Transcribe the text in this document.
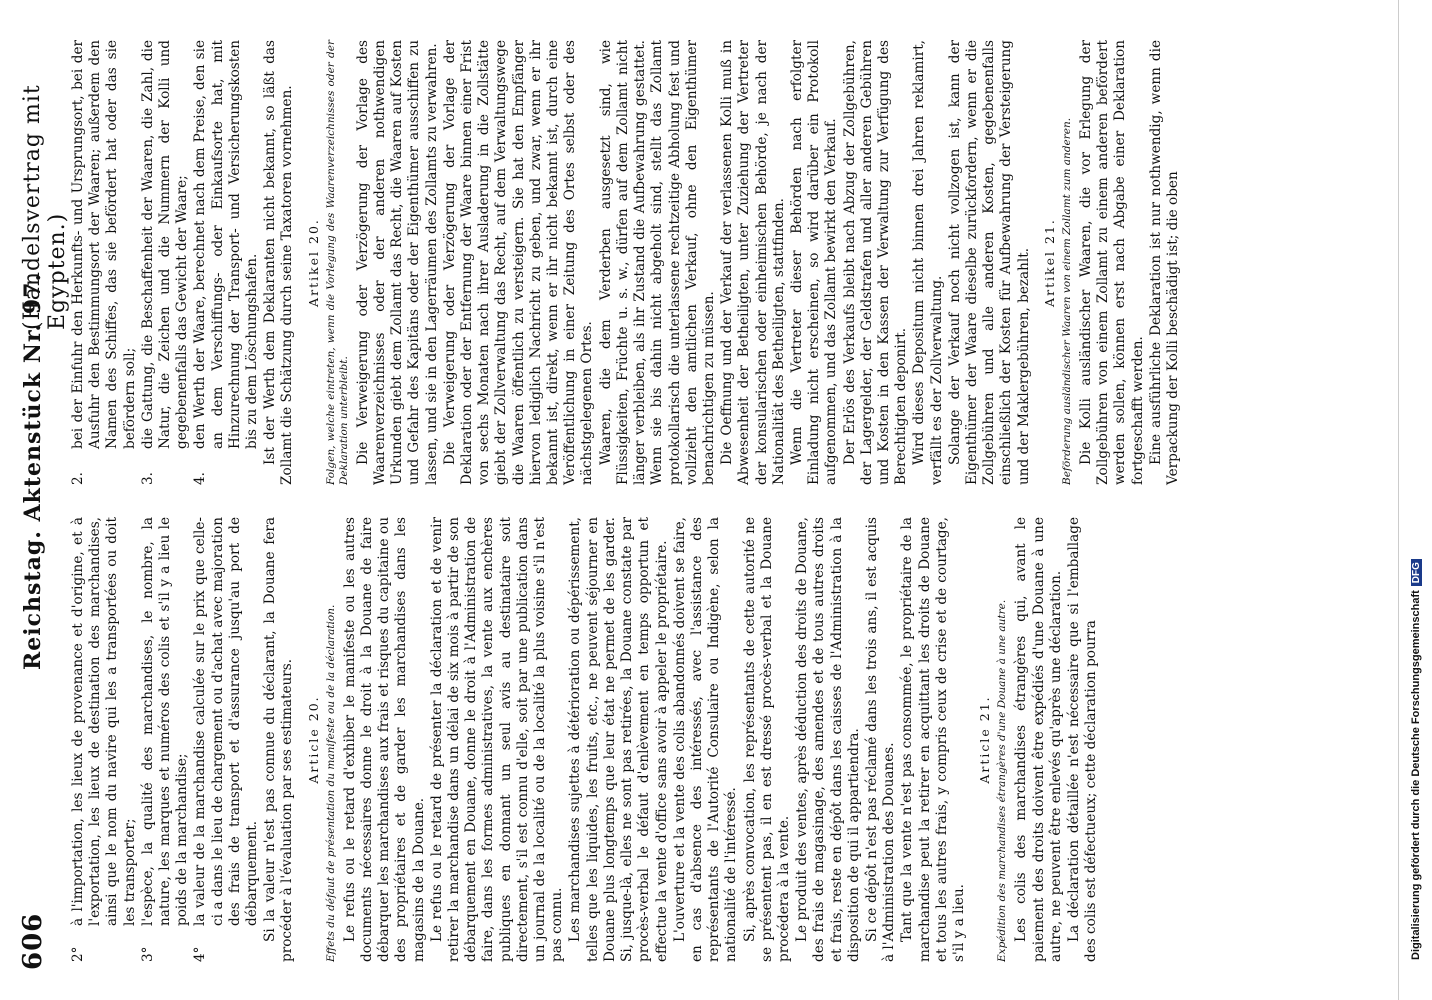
606
Reichstag. Aktenstück Nr. 97.
(Handelsvertrag mit Egypten.)

2°
à l'importation, les lieux de provenance et d'origine, et à l'exportation, les lieux de destination des marchandises, ainsi que le nom du navire qui les a transportées ou doit les transporter;

3°
l'espèce, la qualité des marchandises, le nombre, la nature, les marques et numéros des colis et s'il y a lieu le poids de la marchandise;

4°
la valeur de la marchandise calculée sur le prix que celle-ci a dans le lieu de chargement ou d'achat avec majoration des frais de transport et d'assurance jusqu'au port de débarquement. Si la valeur n'est pas connue du déclarant, la Douane fera procéder à l'évaluation par ses estimateurs. Article 20. Effets du défaut de présentation du manifeste ou de la déclaration. Le refus ou le retard d'exhiber le manifeste ou les autres documents nécessaires donne le droit à la Douane de faire débarquer les marchandises aux frais et risques du capitaine ou des propriétaires et de garder les marchandises dans les magasins de la Douane. Le refus ou le retard de présenter la déclaration et de venir retirer la marchandise dans un délai de six mois à partir de son débarquement en Douane, donne le droit à l'Administration de faire, dans les formes administratives, la vente aux enchères publiques en donnant un seul avis au destinataire soit directement, s'il est connu d'elle, soit par une publication dans un journal de la localité ou de la localité la plus voisine s'il n'est pas connu. Les marchandises sujettes à détérioration ou dépérissement, telles que les liquides, les fruits, etc., ne peuvent séjourner en Douane plus longtemps que leur état ne permet de les garder. Si, jusque-là, elles ne sont pas retirées, la Douane constate par procès-verbal le défaut d'enlèvement en temps opportun et effectue la vente d'office sans avoir à appeler le propriétaire. L'ouverture et la vente des colis abandonnés doivent se faire, en cas d'absence des intéressés, avec l'assistance des représentants de l'Autorité Consulaire ou Indigène, selon la nationalité de l'intéressé. Si, après convocation, les représentants de cette autorité ne se présentent pas, il en est dressé procès-verbal et la Douane procédera à la vente. Le produit des ventes, après déduction des droits de Douane, des frais de magasinage, des amendes et de tous autres droits et frais, reste en dépôt dans les caisses de l'Administration à la disposition de qui il appartiendra. Si ce dépôt n'est pas réclamé dans les trois ans, il est acquis à l'Administration des Douanes. Tant que la vente n'est pas consommée, le propriétaire de la marchandise peut la retirer en acquittant les droits de Douane et tous les autres frais, y compris ceux de crise et de courtage, s'il y a lieu.

Article 21. Expédition des marchandises étrangères d'une Douane à une autre. Les colis des marchandises étrangères qui, avant le paiement des droits doivent être expédiés d'une Douane à une autre, ne peuvent être enlevés qu'après une déclaration. La déclaration détaillée n'est nécessaire que si l'emballage des colis est défectueux; cette déclaration pourra

2.
bei der Einfuhr den Herkunfts- und Ursprungsort, bei der Ausfuhr den Bestimmungsort der Waaren; außerdem den Namen des Schiffes, das sie befördert hat oder das sie befördern soll;

3.
die Gattung, die Beschaffenheit der Waaren, die Zahl, die Natur, die Zeichen und die Nummern der Kolli und gegebenenfalls das Gewicht der Waare;

4.
den Werth der Waare, berechnet nach dem Preise, den sie an dem Verschiffungs- oder Einkaufsorte hat, mit Hinzurechnung der Transport- und Versicherungskosten bis zu dem Löschungshafen. Ist der Werth dem Deklaranten nicht bekannt, so läßt das Zollamt die Schätzung durch seine Taxatoren vornehmen. Artikel 20. Folgen, welche eintreten, wenn die Vorlegung des Waarenverzeichnisses oder der Deklaration unterbleibt. Die Verweigerung oder Verzögerung der Vorlage des Waarenverzeichnisses oder der anderen nothwendigen Urkunden giebt dem Zollamt das Recht, die Waaren auf Kosten und Gefahr des Kapitäns oder der Eigenthümer ausschiffen zu lassen, und sie in den Lagerräumen des Zollamts zu verwahren. Die Verweigerung oder Verzögerung der Vorlage der Deklaration oder der Entfernung der Waare binnen einer Frist von sechs Monaten nach ihrer Ausladerung in die Zollstätte giebt der Zollverwaltung das Recht, auf dem Verwaltungswege die Waaren öffentlich zu versteigern. Sie hat den Empfänger hiervon lediglich Nachricht zu geben, und zwar, wenn er ihr bekannt ist, direkt, wenn er ihr nicht bekannt ist, durch eine Veröffentlichung in einer Zeitung des Ortes selbst oder des nächstgelegenen Ortes. Waaren, die dem Verderben ausgesetzt sind, wie Flüssigkeiten, Früchte u. s. w., dürfen auf dem Zollamt nicht länger verbleiben, als ihr Zustand die Aufbewahrung gestattet. Wenn sie bis dahin nicht abgeholt sind, stellt das Zollamt protokollarisch die unterlassene rechtzeitige Abholung fest und vollzieht den amtlichen Verkauf, ohne den Eigenthümer benachrichtigen zu müssen. Die Oeffnung und der Verkauf der verlassenen Kolli muß in Abwesenheit der Betheiligten, unter Zuziehung der Vertreter der konsularischen oder einheimischen Behörde, je nach der Nationalität des Betheiligten, stattfinden. Wenn die Vertreter dieser Behörden nach erfolgter Einladung nicht erscheinen, so wird darüber ein Protokoll aufgenommen, und das Zollamt bewirkt den Verkauf. Der Erlös des Verkaufs bleibt nach Abzug der Zollgebühren, der Lagergelder, der Geldstrafen und aller anderen Gebühren und Kosten in den Kassen der Verwaltung zur Verfügung des Berechtigten deponirt. Wird dieses Depositum nicht binnen drei Jahren reklamirt, verfällt es der Zollverwaltung. Solange der Verkauf noch nicht vollzogen ist, kann der Eigenthümer der Waare dieselbe zurückfordern, wenn er die Zollgebühren und alle anderen Kosten, gegebenenfalls einschließlich der Kosten für Aufbewahrung der Versteigerung und der Maklergebühren, bezahlt. Artikel 21. Beförderung ausländischer Waaren von einem Zollamt zum anderen. Die Kolli ausländischer Waaren, die vor Erlegung der Zollgebühren von einem Zollamt zu einem anderen befördert werden sollen, können erst nach Abgabe einer Deklaration fortgeschafft werden. Eine ausführliche Deklaration ist nur nothwendig, wenn die Verpackung der Kolli beschädigt ist; die oben

Digitalisierung gefördert durch die Deutsche ForschungsgemeinschaftDFG
